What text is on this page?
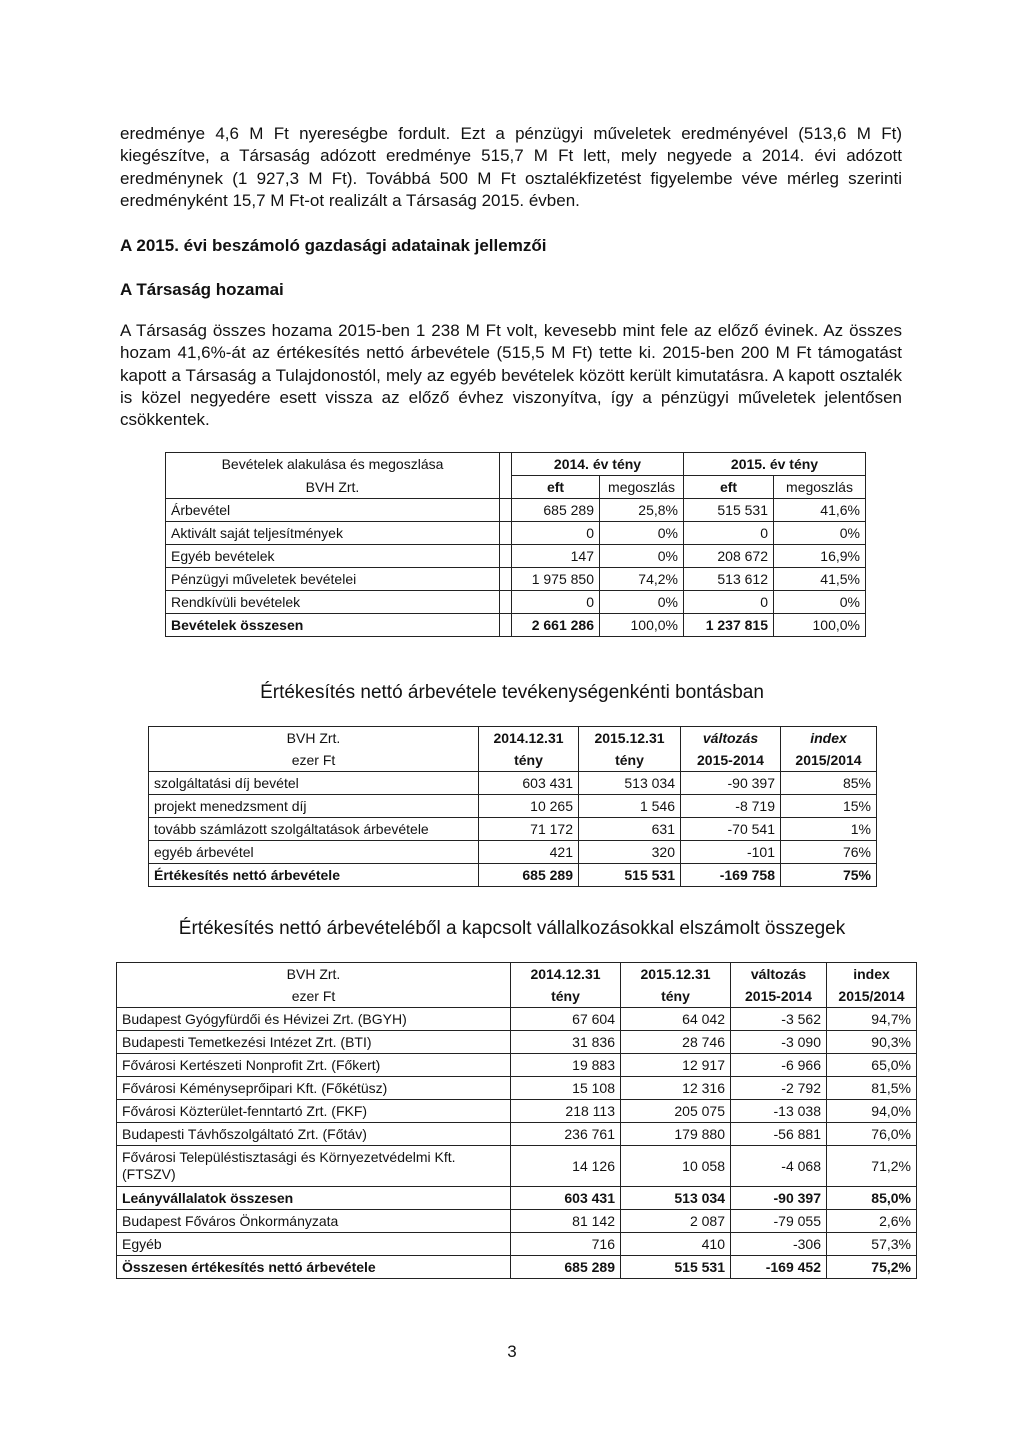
eredménye 4,6 M Ft nyereségbe fordult. Ezt a pénzügyi műveletek eredményével (513,6 M Ft) kiegészítve, a Társaság adózott eredménye 515,7 M Ft lett, mely negyede a 2014. évi adózott eredménynek (1 927,3 M Ft). Továbbá 500 M Ft osztalékfizetést figyelembe véve mérleg szerinti eredményként 15,7 M Ft-ot realizált a Társaság 2015. évben.
A 2015. évi beszámoló gazdasági adatainak jellemzői
A Társaság hozamai
A Társaság összes hozama 2015-ben 1 238 M Ft volt, kevesebb mint fele az előző évinek. Az összes hozam 41,6%-át az értékesítés nettó árbevétele (515,5 M Ft) tette ki. 2015-ben 200 M Ft támogatást kapott a Társaság a Tulajdonostól, mely az egyéb bevételek között került kimutatásra. A kapott osztalék is közel negyedére esett vissza az előző évhez viszonyítva, így a pénzügyi műveletek jelentősen csökkentek.
Bevételek alakulása és megoszlása		2014. év tény		2015. év tény	
BVH Zrt.		eft	megoszlás	eft	megoszlás
Árbevétel		685 289	25,8%	515 531	41,6%
Aktivált saját teljesítmények		0	0%	0	0%
Egyéb bevételek		147	0%	208 672	16,9%
Pénzügyi műveletek bevételei		1 975 850	74,2%	513 612	41,5%
Rendkívüli bevételek		0	0%	0	0%
Bevételek összesen		2 661 286	100,0%	1 237 815	100,0%
Értékesítés nettó árbevétele tevékenységenkénti bontásban
BVH Zrt.	2014.12.31	2015.12.31	változás	index
ezer Ft	tény	tény	2015-2014	2015/2014
szolgáltatási díj bevétel	603 431	513 034	-90 397	85%
projekt menedzsment díj	10 265	1 546	-8 719	15%
tovább számlázott szolgáltatások árbevétele	71 172	631	-70 541	1%
egyéb árbevétel	421	320	-101	76%
Értékesítés nettó árbevétele	685 289	515 531	-169 758	75%
Értékesítés nettó árbevételéből a kapcsolt vállalkozásokkal elszámolt összegek
BVH Zrt.	2014.12.31	2015.12.31	változás	index
ezer Ft	tény	tény	2015-2014	2015/2014
Budapest Gyógyfürdői és Hévizei Zrt. (BGYH)	67 604	64 042	-3 562	94,7%
Budapesti Temetkezési Intézet Zrt. (BTI)	31 836	28 746	-3 090	90,3%
Fővárosi Kertészeti Nonprofit Zrt. (Főkert)	19 883	12 917	-6 966	65,0%
Fővárosi Kéményseprőipari Kft. (Főkétüsz)	15 108	12 316	-2 792	81,5%
Fővárosi Közterület-fenntartó Zrt. (FKF)	218 113	205 075	-13 038	94,0%
Budapesti Távhőszolgáltató Zrt. (Főtáv)	236 761	179 880	-56 881	76,0%
Fővárosi Településtisztasági és Környezetvédelmi Kft. (FTSZV)	14 126	10 058	-4 068	71,2%
Leányvállalatok összesen	603 431	513 034	-90 397	85,0%
Budapest Főváros Önkormányzata	81 142	2 087	-79 055	2,6%
Egyéb	716	410	-306	57,3%
Összesen értékesítés nettó árbevétele	685 289	515 531	-169 452	75,2%
3
